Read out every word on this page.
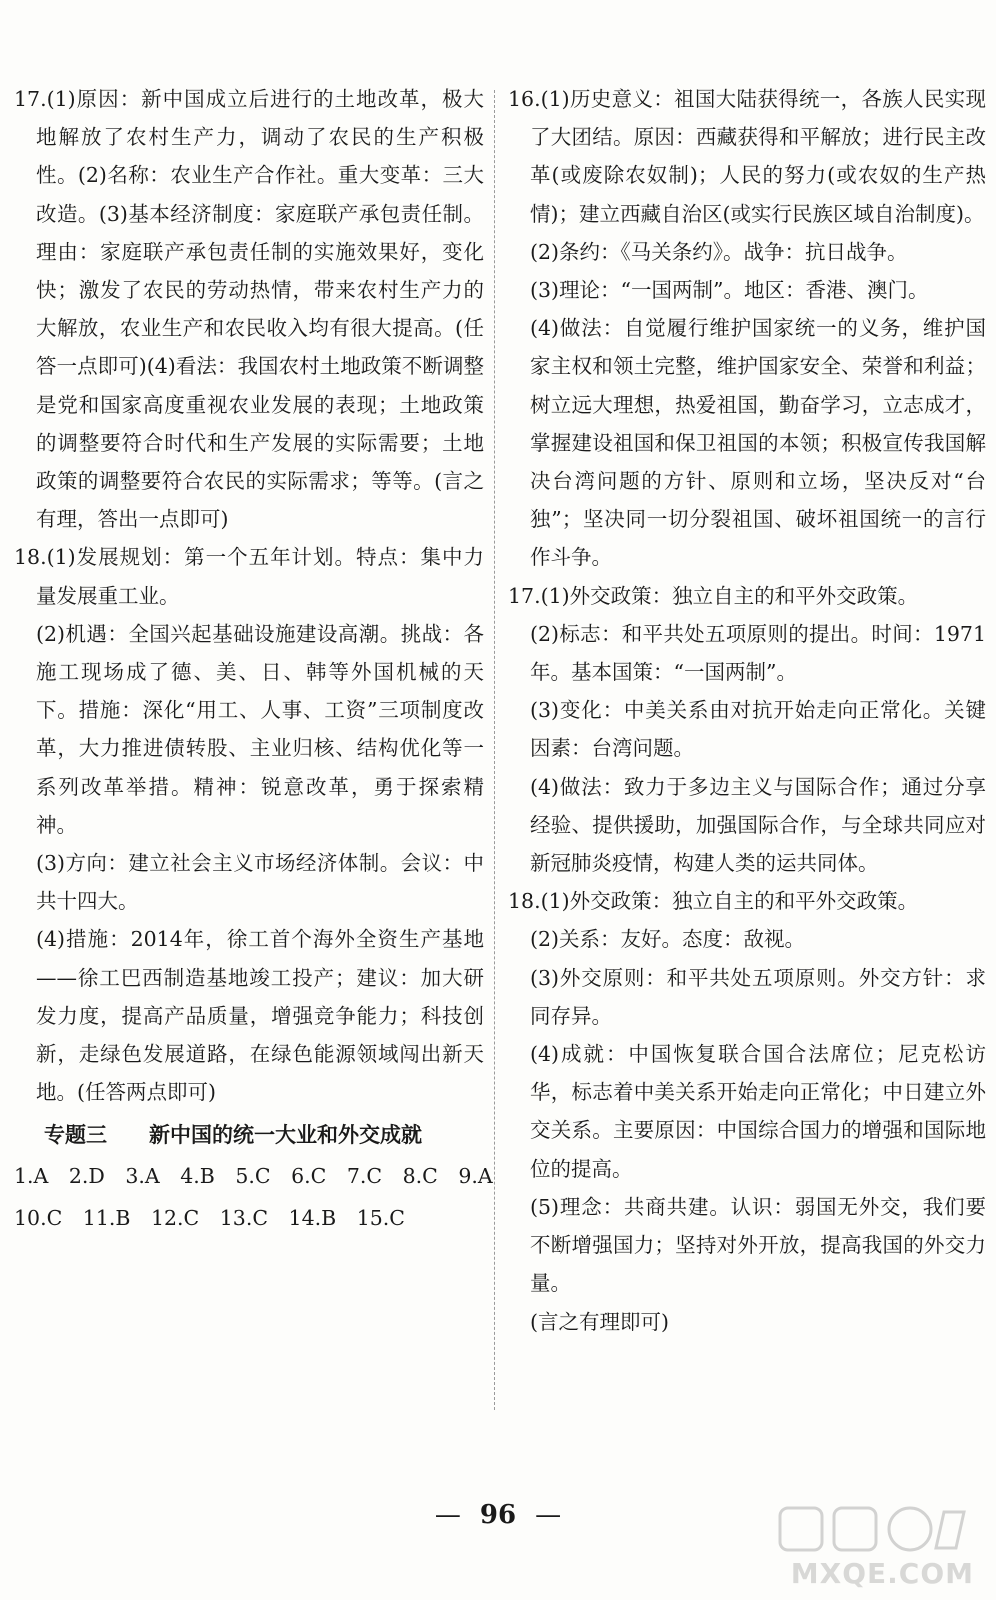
17.(1)原因：新中国成立后进行的土地改革，极大地解放了农村生产力，调动了农民的生产积极性。(2)名称：农业生产合作社。重大变革：三大改造。(3)基本经济制度：家庭联产承包责任制。理由：家庭联产承包责任制的实施效果好，变化快；激发了农民的劳动热情，带来农村生产力的大解放，农业生产和农民收入均有很大提高。(任答一点即可)(4)看法：我国农村土地政策不断调整是党和国家高度重视农业发展的表现；土地政策的调整要符合时代和生产发展的实际需要；土地政策的调整要符合农民的实际需求；等等。(言之有理，答出一点即可)

18.(1)发展规划：第一个五年计划。特点：集中力量发展重工业。

(2)机遇：全国兴起基础设施建设高潮。挑战：各施工现场成了德、美、日、韩等外国机械的天下。措施：深化“用工、人事、工资”三项制度改革，大力推进债转股、主业归核、结构优化等一系列改革举措。精神：锐意改革，勇于探索精神。

(3)方向：建立社会主义市场经济体制。会议：中共十四大。

(4)措施：2014年，徐工首个海外全资生产基地——徐工巴西制造基地竣工投产；建议：加大研发力度，提高产品质量，增强竞争能力；科技创新，走绿色发展道路，在绿色能源领域闯出新天地。(任答两点即可)

专题三　　新中国的统一大业和外交成就

1.A　2.D　3.A　4.B　5.C　6.C　7.C　8.C　9.A

10.C　11.B　12.C　13.C　14.B　15.C

16.(1)历史意义：祖国大陆获得统一，各族人民实现了大团结。原因：西藏获得和平解放；进行民主改革(或废除农奴制)；人民的努力(或农奴的生产热情)；建立西藏自治区(或实行民族区域自治制度)。

(2)条约：《马关条约》。战争：抗日战争。

(3)理论：“一国两制”。地区：香港、澳门。

(4)做法：自觉履行维护国家统一的义务，维护国家主权和领土完整，维护国家安全、荣誉和利益；树立远大理想，热爱祖国，勤奋学习，立志成才，掌握建设祖国和保卫祖国的本领；积极宣传我国解决台湾问题的方针、原则和立场，坚决反对“台独”；坚决同一切分裂祖国、破坏祖国统一的言行作斗争。

17.(1)外交政策：独立自主的和平外交政策。

(2)标志：和平共处五项原则的提出。时间：1971年。基本国策：“一国两制”。

(3)变化：中美关系由对抗开始走向正常化。关键因素：台湾问题。

(4)做法：致力于多边主义与国际合作；通过分享经验、提供援助，加强国际合作，与全球共同应对新冠肺炎疫情，构建人类的运共同体。

18.(1)外交政策：独立自主的和平外交政策。

(2)关系：友好。态度：敌视。

(3)外交原则：和平共处五项原则。外交方针：求同存异。

(4)成就：中国恢复联合国合法席位；尼克松访华，标志着中美关系开始走向正常化；中日建立外交关系。主要原因：中国综合国力的增强和国际地位的提高。

(5)理念：共商共建。认识：弱国无外交，我们要不断增强国力；坚持对外开放，提高我国的外交力量。

(言之有理即可)

— 96 —
MXQE.COM
